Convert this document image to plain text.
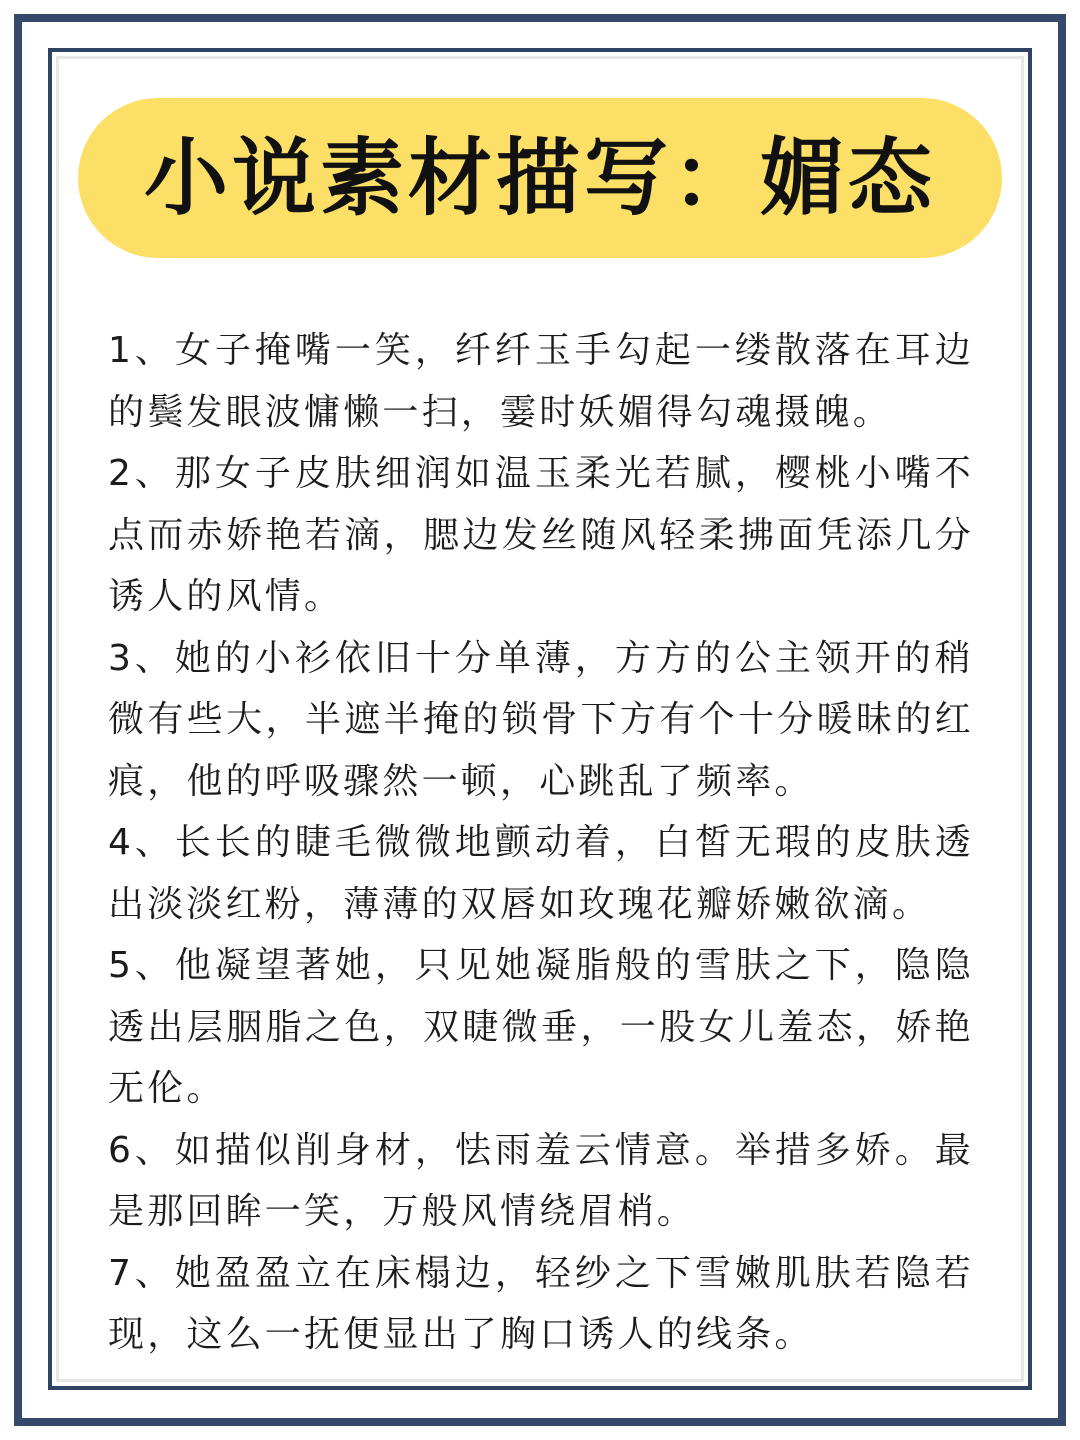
小说素材描写：媚态

1、女子掩嘴一笑，纤纤玉手勾起一缕散落在耳边的鬓发眼波慵懒一扫，霎时妖媚得勾魂摄魄。

2、那女子皮肤细润如温玉柔光若腻，樱桃小嘴不点而赤娇艳若滴，腮边发丝随风轻柔拂面凭添几分诱人的风情。

3、她的小衫依旧十分单薄，方方的公主领开的稍微有些大，半遮半掩的锁骨下方有个十分暖昧的红痕，他的呼吸骤然一顿，心跳乱了频率。

4、长长的睫毛微微地颤动着，白皙无瑕的皮肤透出淡淡红粉，薄薄的双唇如玫瑰花瓣娇嫩欲滴。

5、他凝望著她，只见她凝脂般的雪肤之下，隐隐透出层胭脂之色，双睫微垂，一股女儿羞态，娇艳无伦。

6、如描似削身材，怯雨羞云情意。举措多娇。最是那回眸一笑，万般风情绕眉梢。

7、她盈盈立在床榻边，轻纱之下雪嫩肌肤若隐若现，这么一抚便显出了胸口诱人的线条。
